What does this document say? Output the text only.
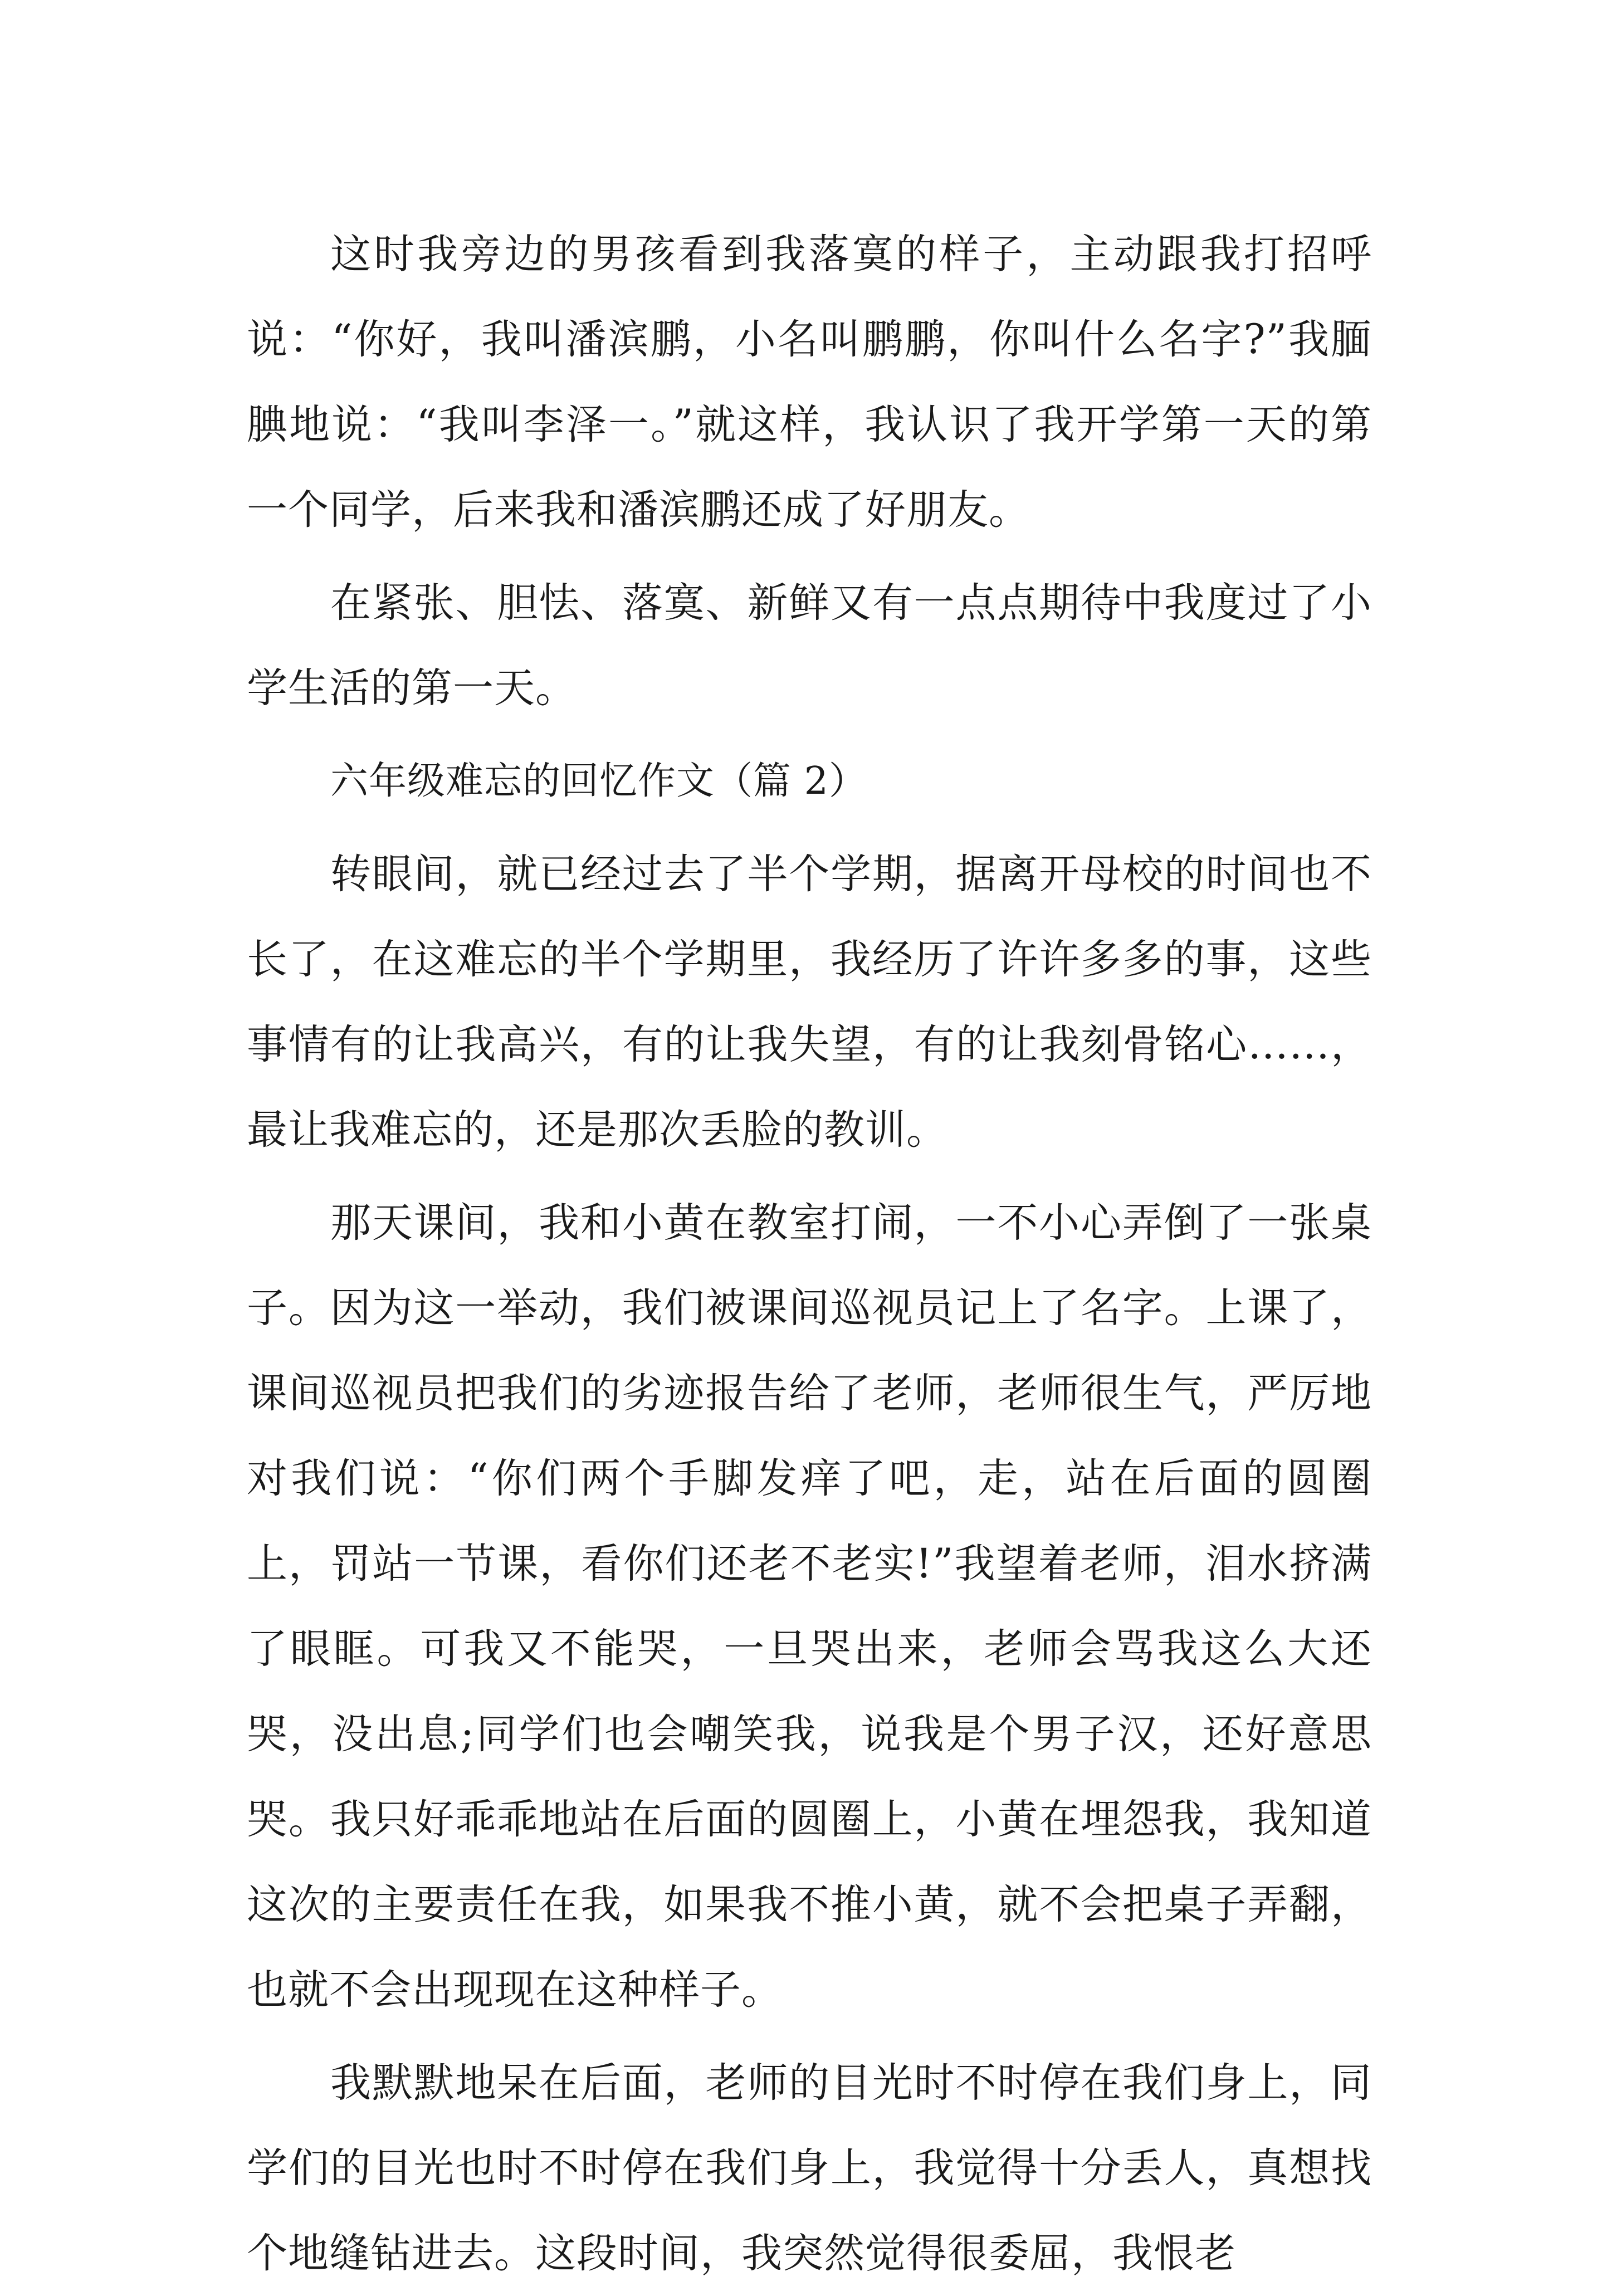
这时我旁边的男孩看到我落寞的样子，主动跟我打招呼说：“你好，我叫潘滨鹏，小名叫鹏鹏，你叫什么名字?”我腼腆地说：“我叫李泽一。”就这样，我认识了我开学第一天的第一个同学，后来我和潘滨鹏还成了好朋友。

在紧张、胆怯、落寞、新鲜又有一点点期待中我度过了小学生活的第一天。

六年级难忘的回忆作文（篇 2）

转眼间，就已经过去了半个学期，据离开母校的时间也不长了，在这难忘的半个学期里，我经历了许许多多的事，这些事情有的让我高兴，有的让我失望，有的让我刻骨铭心……，最让我难忘的，还是那次丢脸的教训。

那天课间，我和小黄在教室打闹，一不小心弄倒了一张桌子。因为这一举动，我们被课间巡视员记上了名字。上课了，课间巡视员把我们的劣迹报告给了老师，老师很生气，严厉地对我们说：“你们两个手脚发痒了吧，走，站在后面的圆圈上，罚站一节课，看你们还老不老实!”我望着老师，泪水挤满了眼眶。可我又不能哭，一旦哭出来，老师会骂我这么大还哭，没出息;同学们也会嘲笑我，说我是个男子汉，还好意思哭。我只好乖乖地站在后面的圆圈上，小黄在埋怨我，我知道这次的主要责任在我，如果我不推小黄，就不会把桌子弄翻，也就不会出现现在这种样子。

我默默地呆在后面，老师的目光时不时停在我们身上，同学们的目光也时不时停在我们身上，我觉得十分丢人，真想找个地缝钻进去。这段时间，我突然觉得很委屈，我恨老
